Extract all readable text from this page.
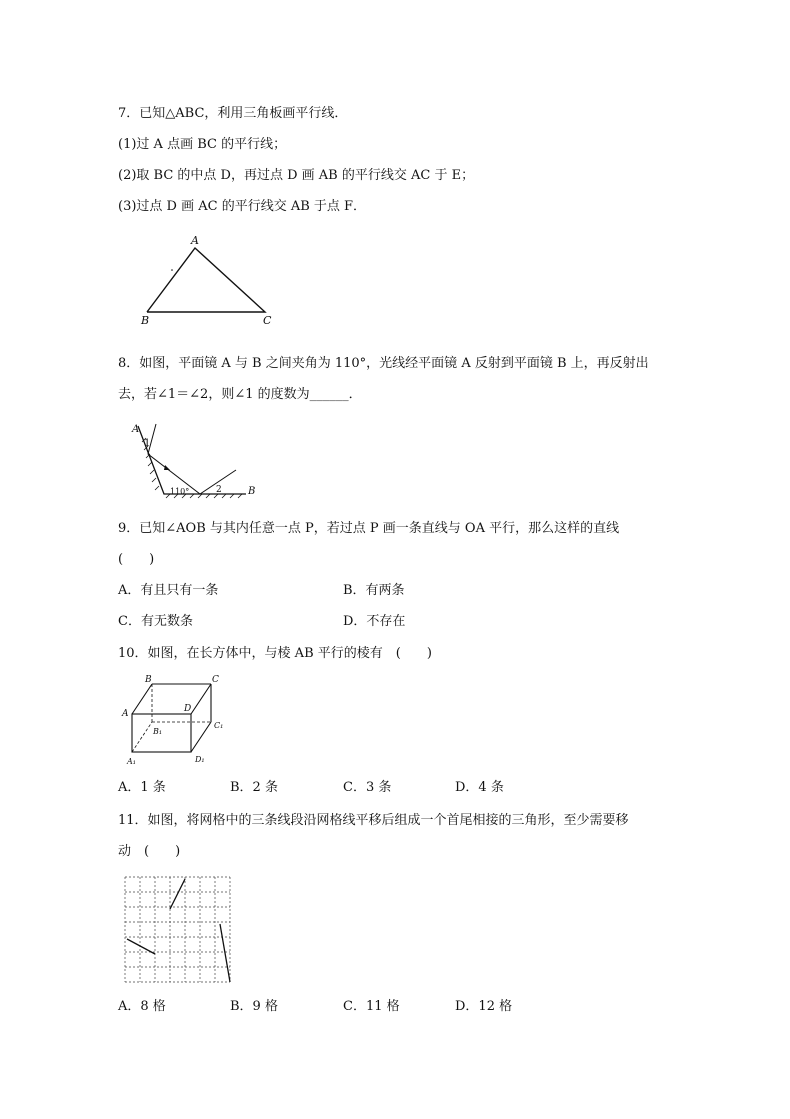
7．已知△ABC，利用三角板画平行线．
(1)过 A 点画 BC 的平行线；
(2)取 BC 的中点 D，再过点 D 画 AB 的平行线交 AC 于 E；
(3)过点 D 画 AC 的平行线交 AB 于点 F．
A
B	C
8．如图，平面镜 A 与 B 之间夹角为 110°，光线经平面镜 A 反射到平面镜 B 上，再反射出
去，若∠1＝∠2，则∠1 的度数为______．
A
B
1
2
110°
9．已知∠AOB 与其内任意一点 P，若过点 P 画一条直线与 OA 平行，那么这样的直线
(　　)
A．有且只有一条	B．有两条
C．有无数条	D．不存在
10．如图，在长方体中，与棱 AB 平行的棱有　(　　)
B	C
A	D
B₁
C₁
A₁	D₁
A．1 条	B．2 条	C．3 条	D．4 条
11．如图，将网格中的三条线段沿网格线平移后组成一个首尾相接的三角形，至少需要移
动　(　　)
A．8 格	B．9 格	C．11 格	D．12 格
